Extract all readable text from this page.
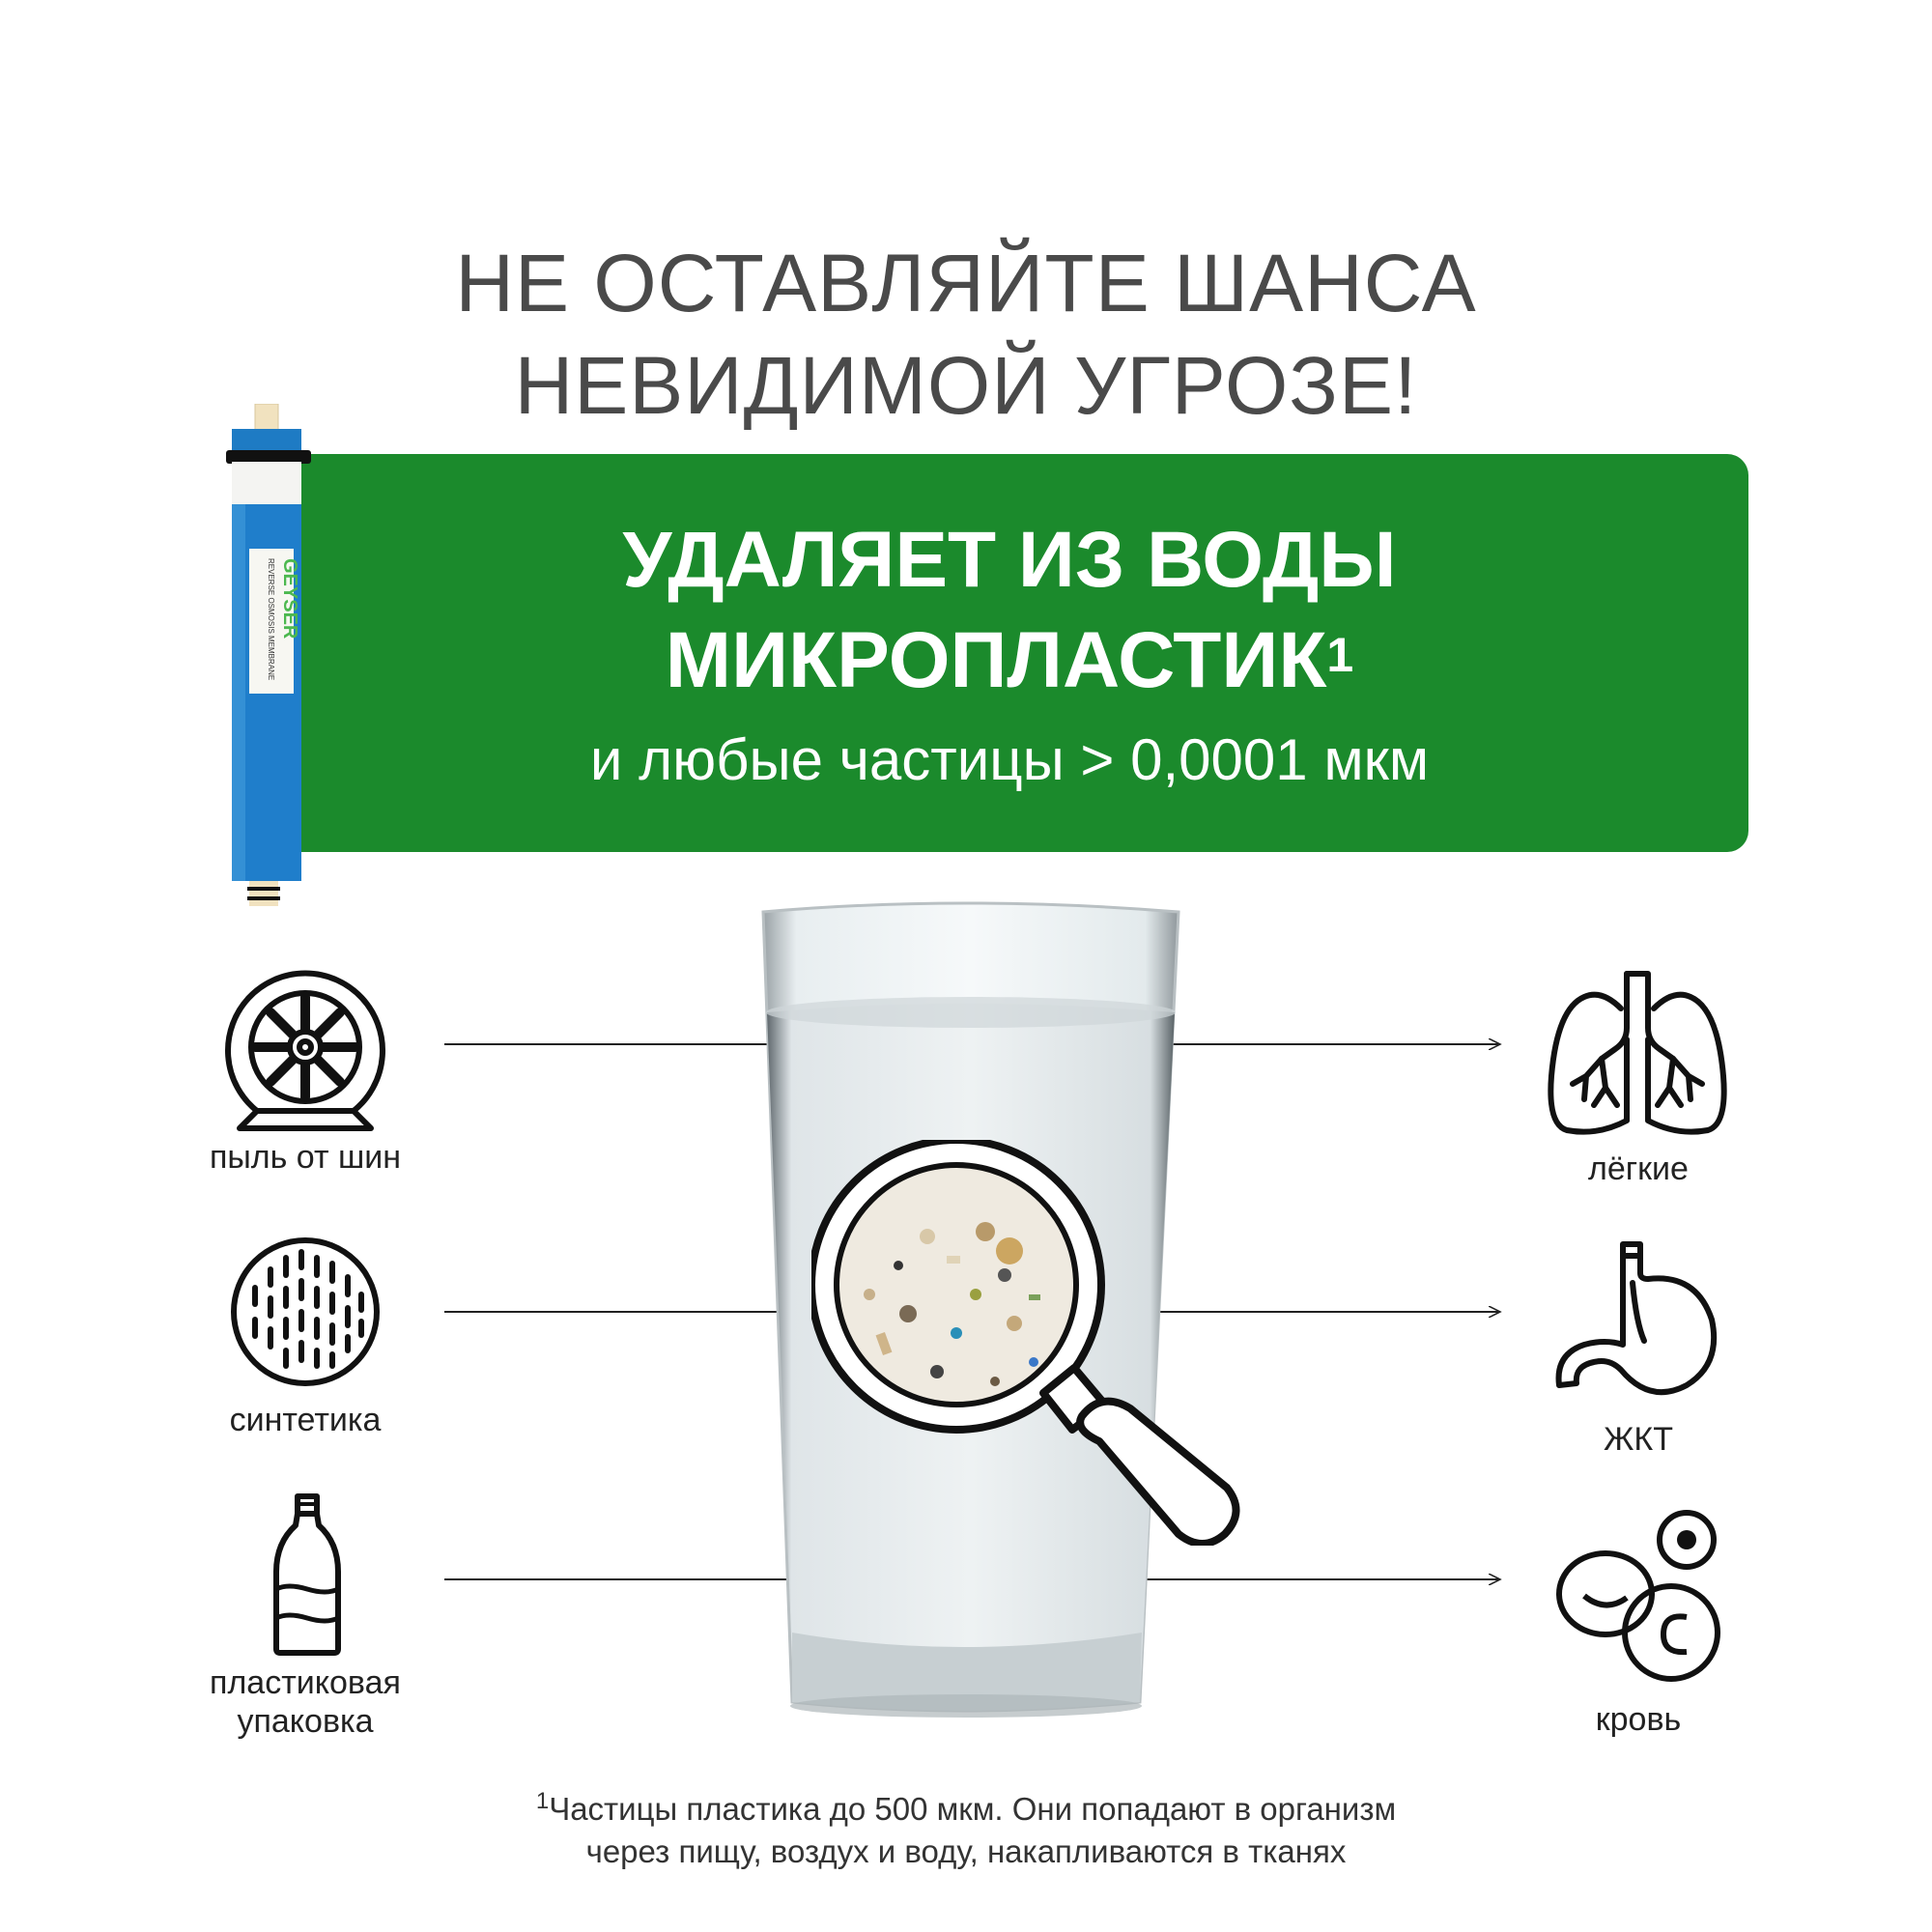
НЕ ОСТАВЛЯЙТЕ ШАНСА
НЕВИДИМОЙ УГРОЗЕ!
УДАЛЯЕТ ИЗ ВОДЫ
МИКРОПЛАСТИК$^1$
и любые частицы > 0,0001 мкм
GEYSER
REVERSE OSMOSIS MEMBRANE
пыль от шин
синтетика
пластиковая
упаковка
лёгкие
ЖКТ
кровь
$^1$Частицы пластика до 500 мкм. Они попадают в организм
через пищу, воздух и воду, накапливаются в тканях
